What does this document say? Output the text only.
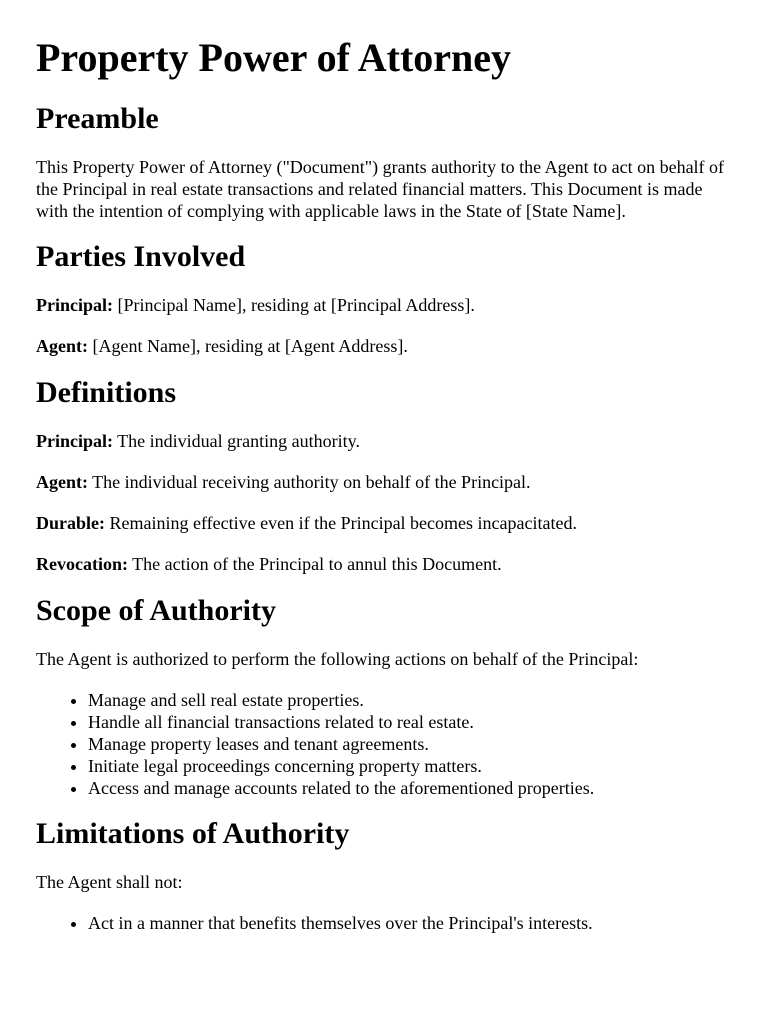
Property Power of Attorney
Preamble

This Property Power of Attorney ("Document") grants authority to the Agent to act on behalf of the Principal in real estate transactions and related financial matters. This Document is made with the intention of complying with applicable laws in the State of [State Name].

Parties Involved

Principal: [Principal Name], residing at [Principal Address].

Agent: [Agent Name], residing at [Agent Address].

Definitions

Principal: The individual granting authority.

Agent: The individual receiving authority on behalf of the Principal.

Durable: Remaining effective even if the Principal becomes incapacitated.

Revocation: The action of the Principal to annul this Document.

Scope of Authority

The Agent is authorized to perform the following actions on behalf of the Principal:

• Manage and sell real estate properties.
• Handle all financial transactions related to real estate.
• Manage property leases and tenant agreements.
• Initiate legal proceedings concerning property matters.
• Access and manage accounts related to the aforementioned properties.
Limitations of Authority

The Agent shall not:

• Act in a manner that benefits themselves over the Principal's interests.
